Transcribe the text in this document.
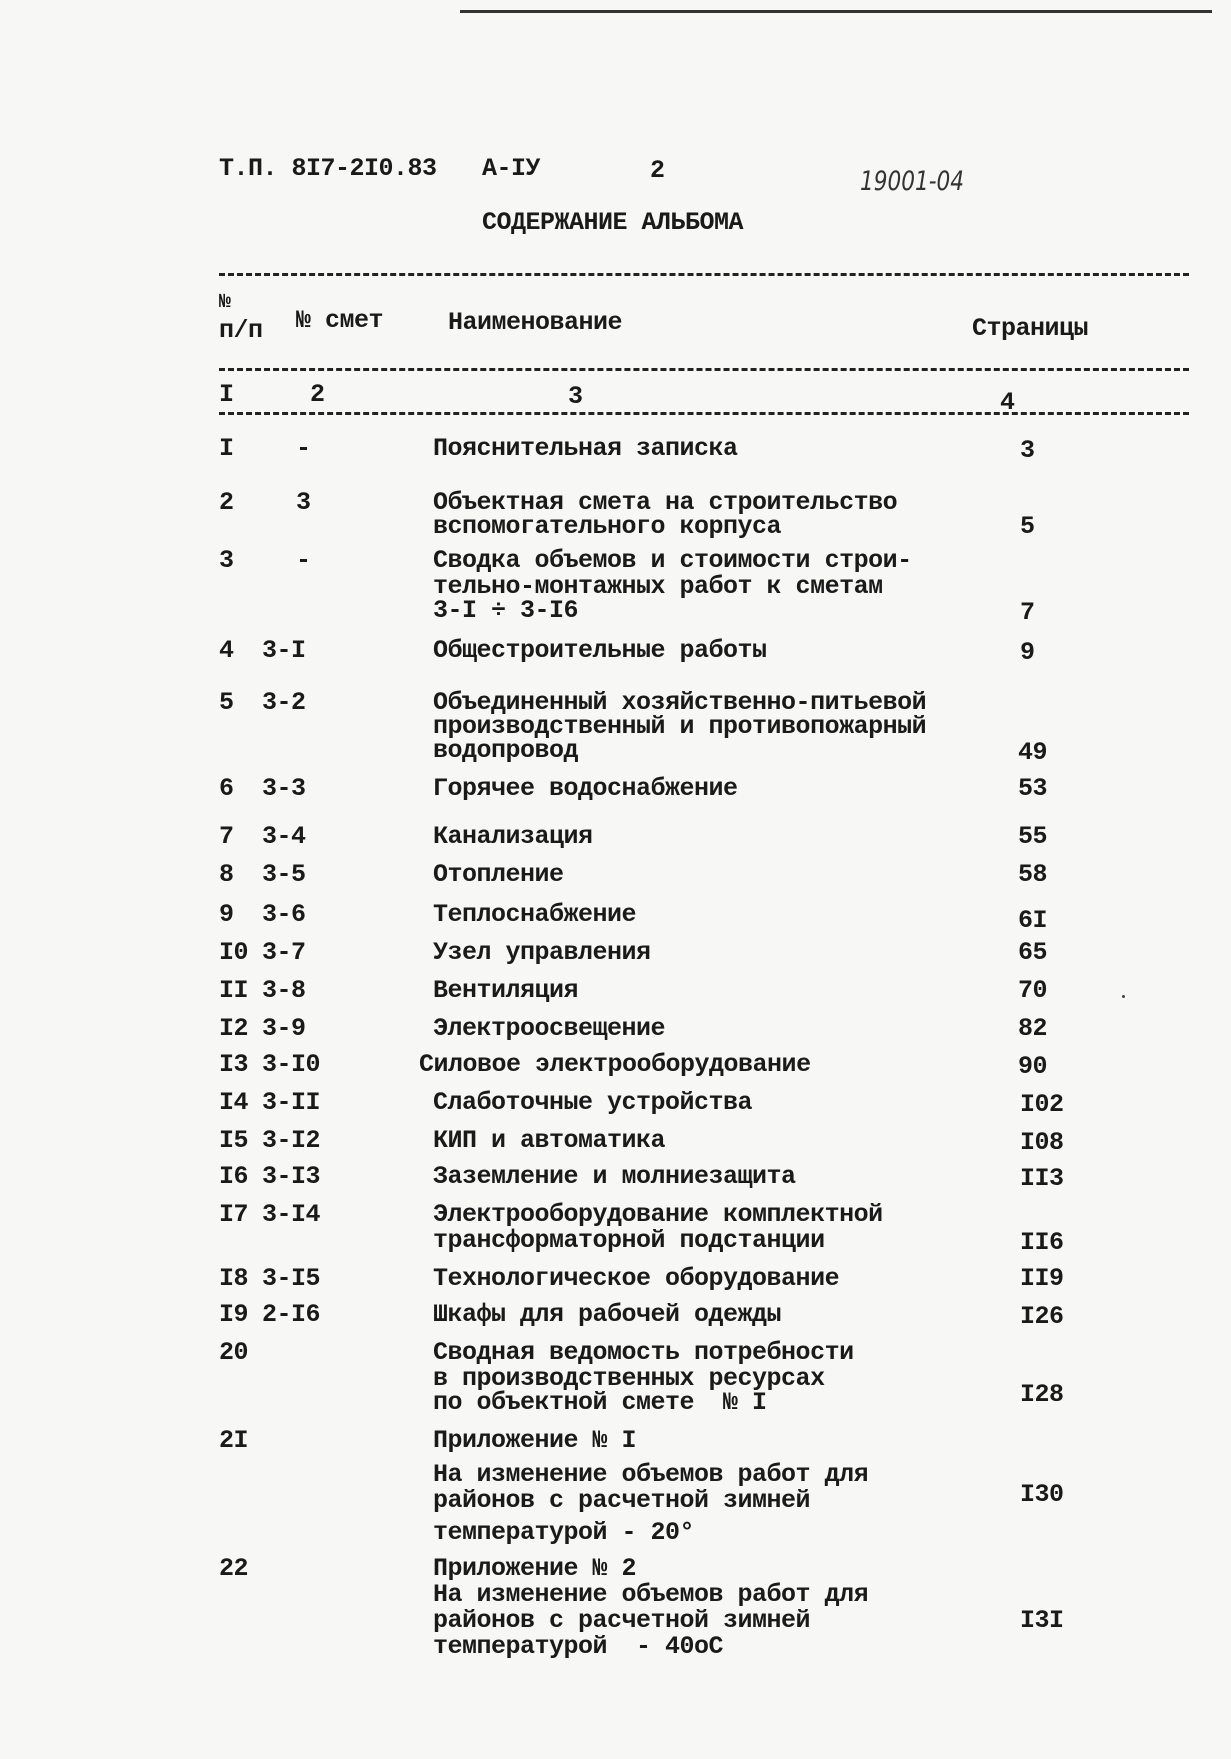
Т.П. 8I7-2I0.83 А-IУ	2	19001-04
СОДЕРЖАНИЕ АЛЬБОМА
№
п/п № смет	Наименование	Страницы
I	2	3	4
I -	Пояснительная записка	3
2 3	Объектная смета на строительство
вспомогательного корпуса	5
3 -	Сводка объемов и стоимости строи-
тельно-монтажных работ к сметам
3-I ÷ 3-I6	7
4 3-I	Общестроительные работы	9
5 3-2	Объединенный хозяйственно-питьевой
производственный и противопожарный
водопровод	49
6 3-3	Горячее водоснабжение	53
7 3-4	Канализация	55
8 3-5	Отопление	58
9 3-6	Теплоснабжение	6I
I0 3-7	Узел управления	65
II 3-8	Вентиляция	70
I2 3-9	Электроосвещение	82
I3 3-I0	Силовое электрооборудование	90
I4 3-II	Слаботочные устройства	I02
I5 3-I2	КИП и автоматика	I08
I6 3-I3	Заземление и молниезащита	II3
I7 3-I4	Электрооборудование комплектной
трансформаторной подстанции	II6
I8 3-I5	Технологическое оборудование	II9
I9 2-I6	Шкафы для рабочей одежды	I26
20	Сводная ведомость потребности
в производственных ресурсах
по объектной смете  № I	I28
2I	Приложение № I
На изменение объемов работ для
районов с расчетной зимней
температурой - 20°
I30
22	Приложение № 2
На изменение объемов работ для
районов с расчетной зимней
температурой  - 40оС
I3I
